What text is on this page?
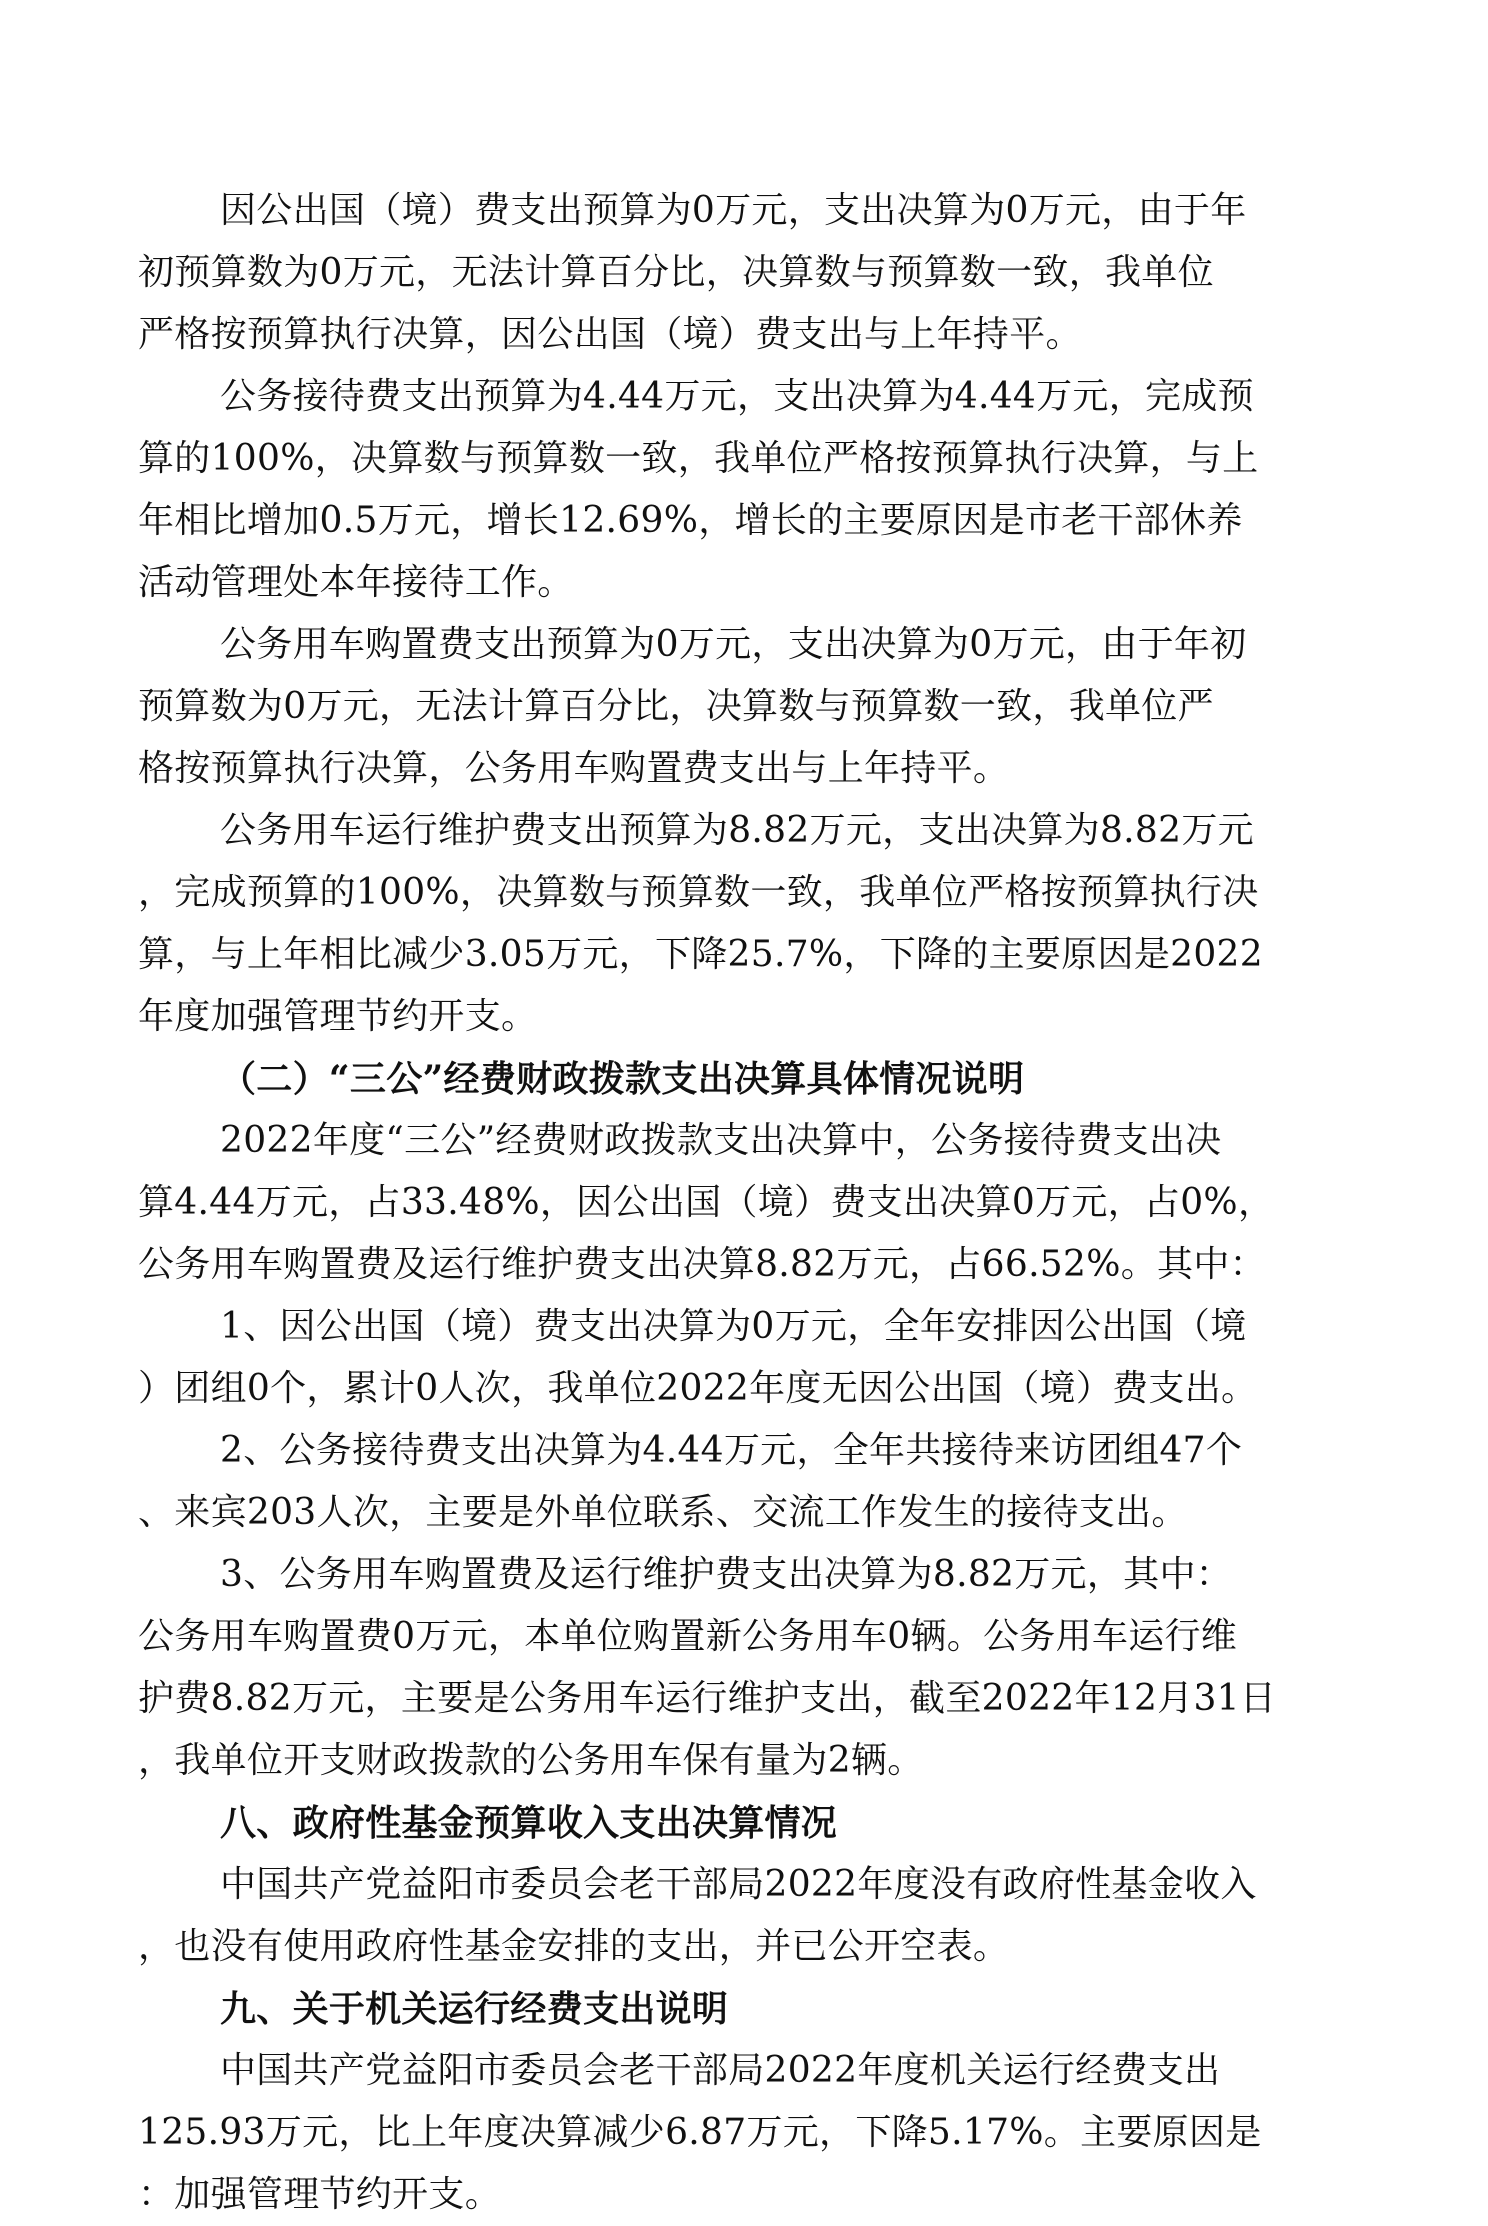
因公出国（境）费支出预算为0万元，支出决算为0万元，由于年
初预算数为0万元，无法计算百分比，决算数与预算数一致，我单位
严格按预算执行决算，因公出国（境）费支出与上年持平。
公务接待费支出预算为4.44万元，支出决算为4.44万元，完成预
算的100%，决算数与预算数一致，我单位严格按预算执行决算，与上
年相比增加0.5万元，增长12.69%，增长的主要原因是市老干部休养
活动管理处本年接待工作。
公务用车购置费支出预算为0万元，支出决算为0万元，由于年初
预算数为0万元，无法计算百分比，决算数与预算数一致，我单位严
格按预算执行决算，公务用车购置费支出与上年持平。
公务用车运行维护费支出预算为8.82万元，支出决算为8.82万元
，完成预算的100%，决算数与预算数一致，我单位严格按预算执行决
算，与上年相比减少3.05万元，下降25.7%，下降的主要原因是2022
年度加强管理节约开支。
（二）“三公”经费财政拨款支出决算具体情况说明
2022年度“三公”经费财政拨款支出决算中，公务接待费支出决
算4.44万元，占33.48%，因公出国（境）费支出决算0万元，占0%，
公务用车购置费及运行维护费支出决算8.82万元，占66.52%。其中：
1、因公出国（境）费支出决算为0万元，全年安排因公出国（境
）团组0个，累计0人次，我单位2022年度无因公出国（境）费支出。
2、公务接待费支出决算为4.44万元，全年共接待来访团组47个
、来宾203人次，主要是外单位联系、交流工作发生的接待支出。
3、公务用车购置费及运行维护费支出决算为8.82万元，其中：
公务用车购置费0万元，本单位购置新公务用车0辆。公务用车运行维
护费8.82万元，主要是公务用车运行维护支出，截至2022年12月31日
，我单位开支财政拨款的公务用车保有量为2辆。
八、政府性基金预算收入支出决算情况
中国共产党益阳市委员会老干部局2022年度没有政府性基金收入
，也没有使用政府性基金安排的支出，并已公开空表。
九、关于机关运行经费支出说明
中国共产党益阳市委员会老干部局2022年度机关运行经费支出
125.93万元，比上年度决算减少6.87万元，下降5.17%。主要原因是
：加强管理节约开支。
